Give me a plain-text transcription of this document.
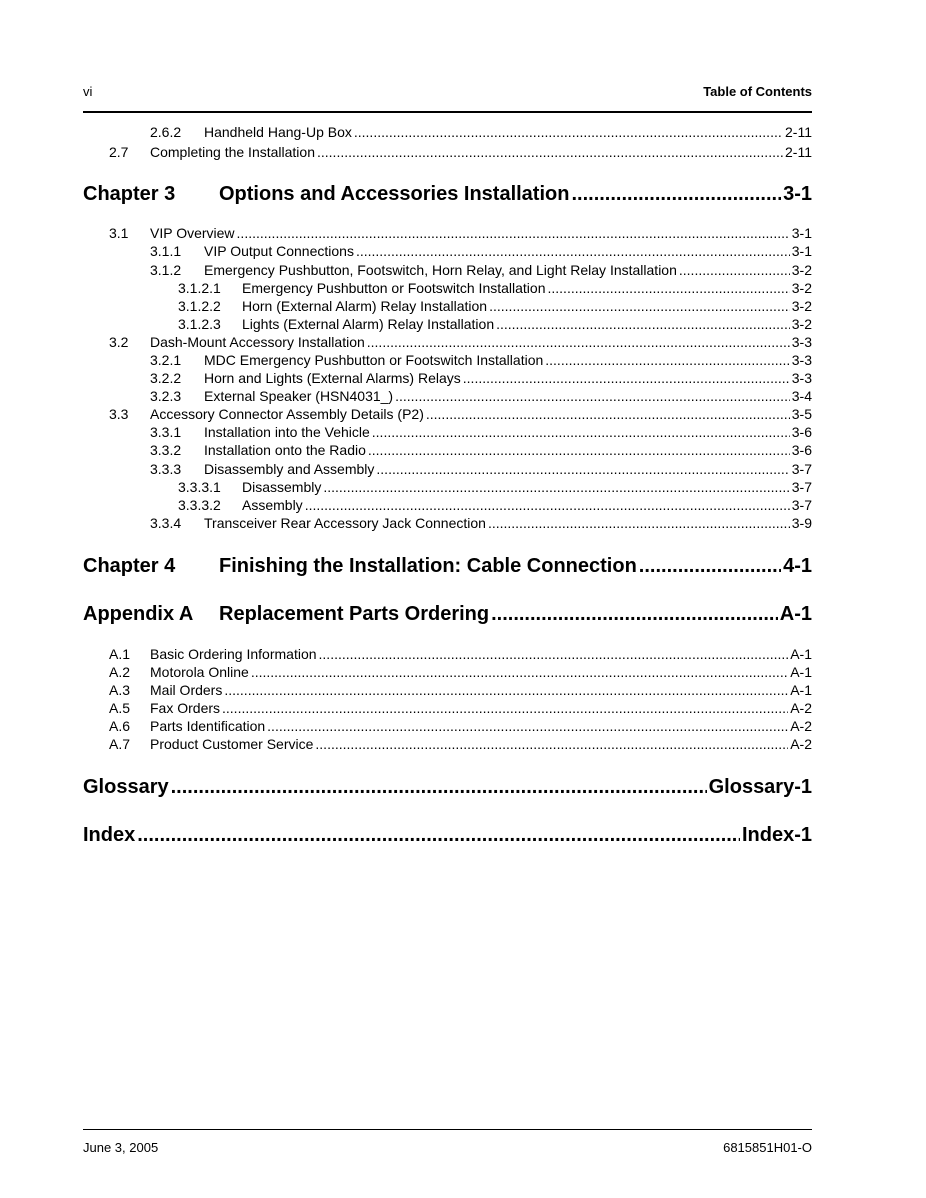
vi	Table of Contents
2.6.2	Handheld Hang-Up Box .....	2-11
2.7	Completing the Installation .....	2-11
Chapter 3	Options and Accessories Installation .....	3-1
3.1	VIP Overview .....	3-1
3.1.1	VIP Output Connections .....	3-1
3.1.2	Emergency Pushbutton, Footswitch, Horn Relay, and Light Relay Installation .....	3-2
3.1.2.1	Emergency Pushbutton or Footswitch Installation .....	3-2
3.1.2.2	Horn (External Alarm) Relay Installation .....	3-2
3.1.2.3	Lights (External Alarm) Relay Installation .....	3-2
3.2	Dash-Mount Accessory Installation .....	3-3
3.2.1	MDC Emergency Pushbutton or Footswitch Installation .....	3-3
3.2.2	Horn and Lights (External Alarms) Relays .....	3-3
3.2.3	External Speaker (HSN4031_) .....	3-4
3.3	Accessory Connector Assembly Details (P2) .....	3-5
3.3.1	Installation into the Vehicle .....	3-6
3.3.2	Installation onto the Radio .....	3-6
3.3.3	Disassembly and Assembly .....	3-7
3.3.3.1	Disassembly .....	3-7
3.3.3.2	Assembly .....	3-7
3.3.4	Transceiver Rear Accessory Jack Connection .....	3-9
Chapter 4	Finishing the Installation: Cable Connection .....	4-1
Appendix A	Replacement Parts Ordering .....	A-1
A.1	Basic Ordering Information .....	A-1
A.2	Motorola Online .....	A-1
A.3	Mail Orders .....	A-1
A.5	Fax Orders .....	A-2
A.6	Parts Identification .....	A-2
A.7	Product Customer Service .....	A-2
Glossary .....	Glossary-1
Index .....	Index-1
June 3, 2005	6815851H01-O
